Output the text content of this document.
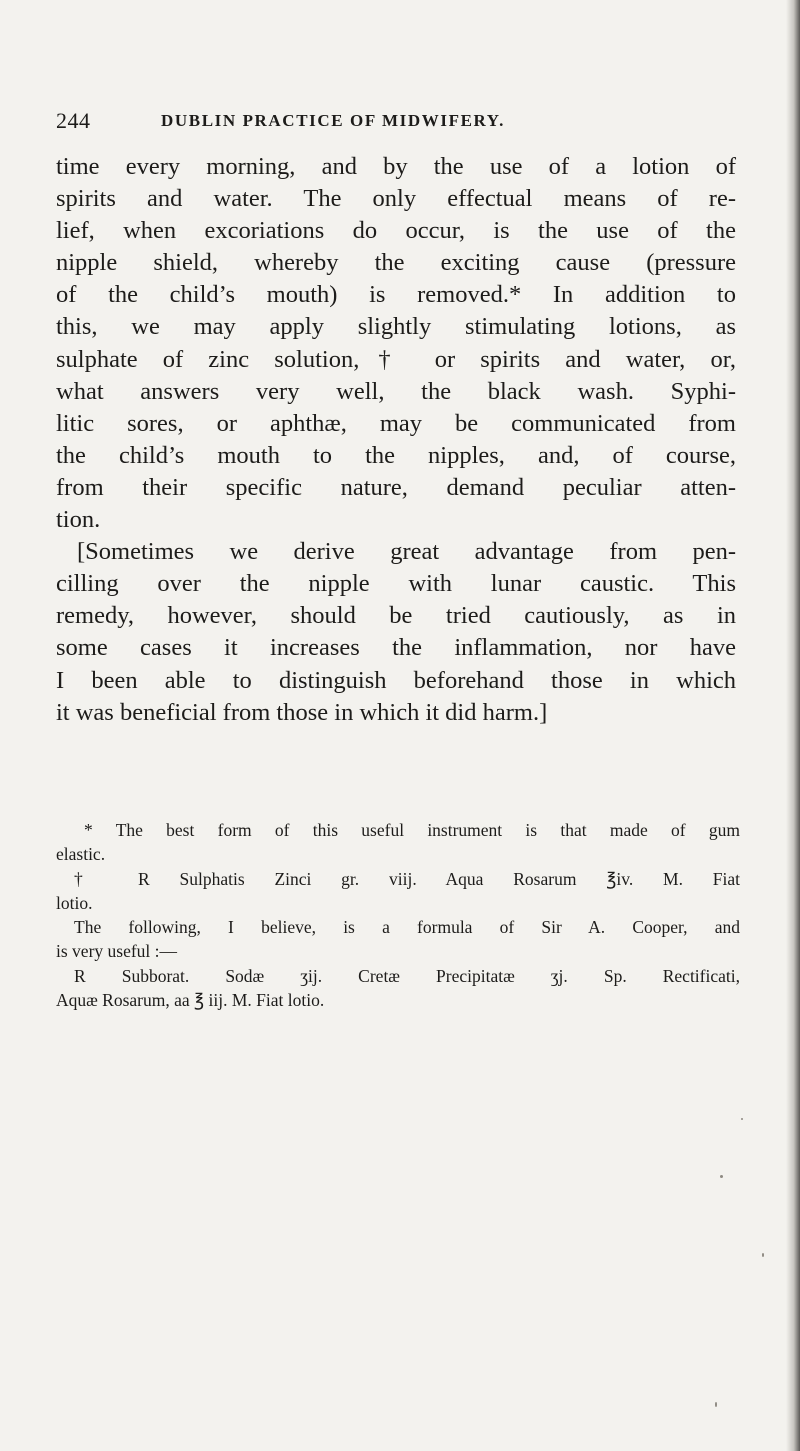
244	DUBLIN PRACTICE OF MIDWIFERY.
time every morning, and by the use of a lotion of
spirits and water. The only effectual means of re-
lief, when excoriations do occur, is the use of the
nipple shield, whereby the exciting cause (pressure
of the child’s mouth) is removed.* In addition to
this, we may apply slightly stimulating lotions, as
sulphate of zinc solution,† or spirits and water, or,
what answers very well, the black wash. Syphi-
litic sores, or aphthæ, may be communicated from
the child’s mouth to the nipples, and, of course,
from their specific nature, demand peculiar atten-
tion.
[Sometimes we derive great advantage from pen-
cilling over the nipple with lunar caustic. This
remedy, however, should be tried cautiously, as in
some cases it increases the inflammation, nor have
I been able to distinguish beforehand those in which
it was beneficial from those in which it did harm.]
* The best form of this useful instrument is that made of gum
elastic.
† R Sulphatis Zinci gr. viij. Aqua Rosarum ℥iv. M. Fiat
lotio.
The following, I believe, is a formula of Sir A. Cooper, and
is very useful :—
R Subborat. Sodæ ʒij. Cretæ Precipitatæ ʒj. Sp. Rectificati,
Aquæ Rosarum, aa ℥ iij. M. Fiat lotio.
